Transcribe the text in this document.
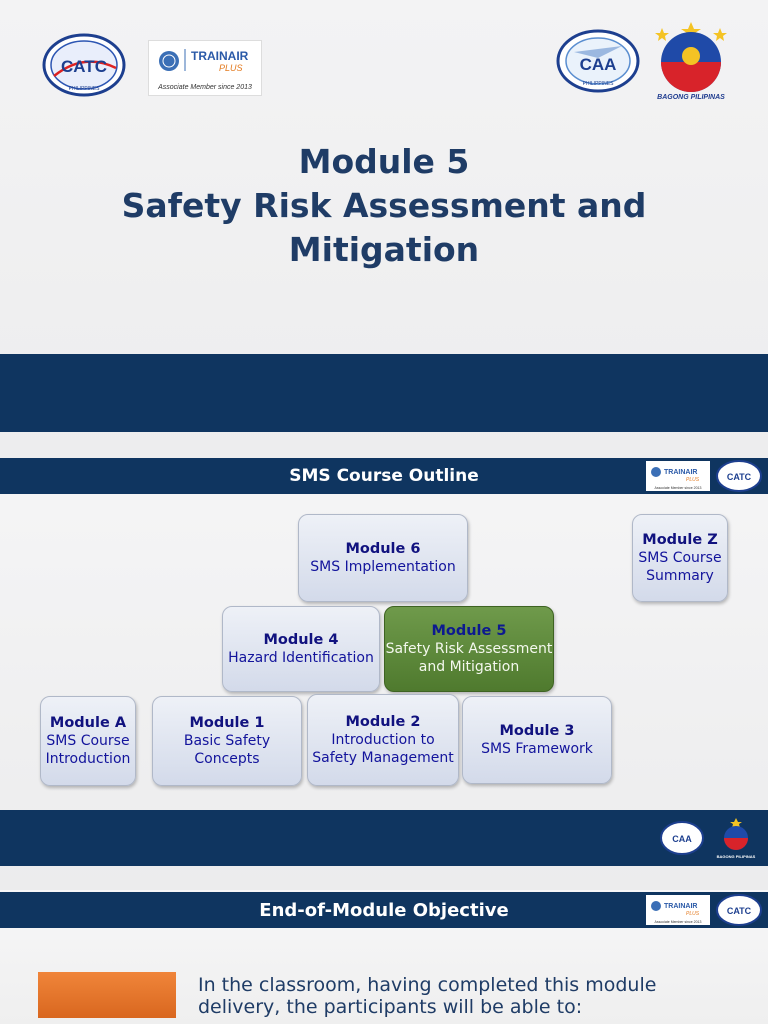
CATC
PHILIPPINES
TRAINAIR
PLUS
Associate Member since 2013
CAA
PHILIPPINES
BAGONG PILIPINAS
Module 5
Safety Risk Assessment and
Mitigation
SMS Course Outline	TRAINAIR
PLUS
Associate Member since 2013
CATC
Module 6
SMS Implementation
Module Z
SMS Course Summary
Module 4
Hazard Identification
Module 5
Safety Risk Assessment and Mitigation
Module A
SMS Course Introduction
Module 1
Basic Safety Concepts
Module 2
Introduction to Safety Management
Module 3
SMS Framework
CAA
BAGONG PILIPINAS
End-of-Module Objective	TRAINAIR
PLUS
Associate Member since 2013
CATC
In the classroom, having completed this module delivery, the participants will be able to:
